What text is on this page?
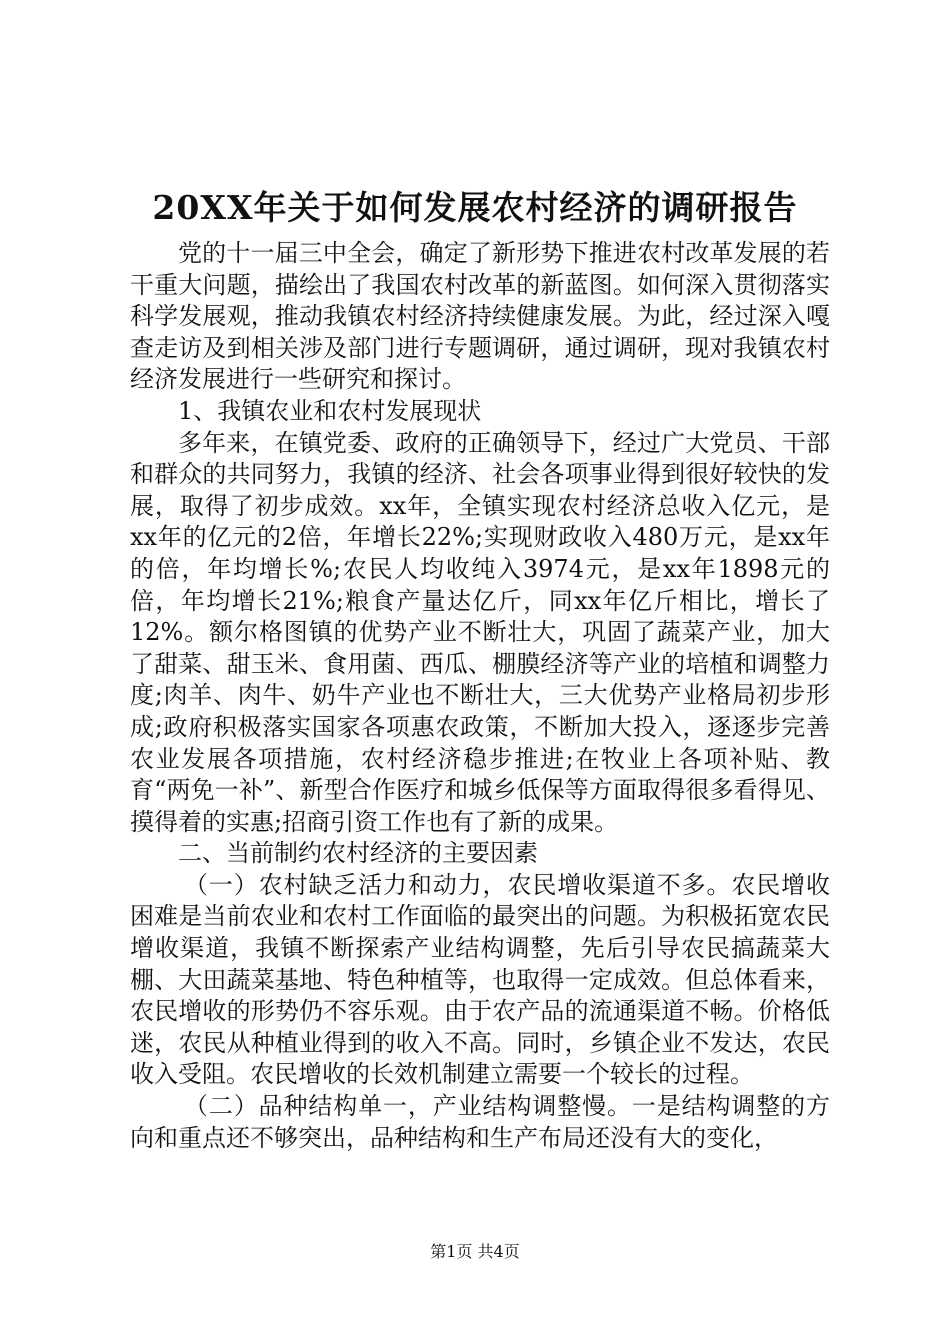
20XX年关于如何发展农村经济的调研报告

党的十一届三中全会，确定了新形势下推进农村改革发展的若干重大问题，描绘出了我国农村改革的新蓝图。如何深入贯彻落实科学发展观，推动我镇农村经济持续健康发展。为此，经过深入嘎查走访及到相关涉及部门进行专题调研，通过调研，现对我镇农村经济发展进行一些研究和探讨。

1、我镇农业和农村发展现状

多年来，在镇党委、政府的正确领导下，经过广大党员、干部和群众的共同努力，我镇的经济、社会各项事业得到很好较快的发展，取得了初步成效。xx年，全镇实现农村经济总收入亿元，是xx年的亿元的2倍，年增长22%;实现财政收入480万元，是xx年的倍，年均增长%;农民人均收纯入3974元，是xx年1898元的倍，年均增长21%;粮食产量达亿斤，同xx年亿斤相比，增长了12%。额尔格图镇的优势产业不断壮大，巩固了蔬菜产业，加大了甜菜、甜玉米、食用菌、西瓜、棚膜经济等产业的培植和调整力度;肉羊、肉牛、奶牛产业也不断壮大，三大优势产业格局初步形成;政府积极落实国家各项惠农政策，不断加大投入，逐逐步完善农业发展各项措施，农村经济稳步推进;在牧业上各项补贴、教育“两免一补”、新型合作医疗和城乡低保等方面取得很多看得见、摸得着的实惠;招商引资工作也有了新的成果。

二、当前制约农村经济的主要因素

（一）农村缺乏活力和动力，农民增收渠道不多。农民增收困难是当前农业和农村工作面临的最突出的问题。为积极拓宽农民增收渠道，我镇不断探索产业结构调整，先后引导农民搞蔬菜大棚、大田蔬菜基地、特色种植等，也取得一定成效。但总体看来，农民增收的形势仍不容乐观。由于农产品的流通渠道不畅。价格低迷，农民从种植业得到的收入不高。同时，乡镇企业不发达，农民收入受阻。农民增收的长效机制建立需要一个较长的过程。

（二）品种结构单一，产业结构调整慢。一是结构调整的方向和重点还不够突出，品种结构和生产布局还没有大的变化，

第1页 共4页
